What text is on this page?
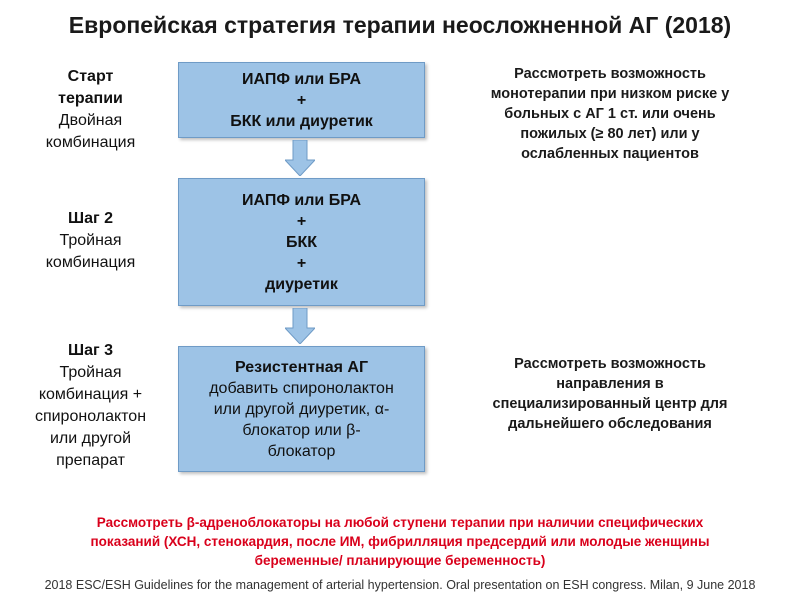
Европейская стратегия терапии неосложненной АГ (2018)
Старт
терапии
Двойная
комбинация
Шаг 2
Тройная
комбинация
Шаг 3
Тройная
комбинация +
спиронолактон
или другой
препарат
ИАПФ или БРА
+
БКК или диуретик
ИАПФ или БРА
+
БКК
+
диуретик
Резистентная АГ
добавить спиронолактон
или другой диуретик, α-
блокатор или β-
блокатор
Рассмотреть возможность
монотерапии при низком риске у
больных с АГ 1 ст. или очень
пожилых (≥ 80 лет) или у
ослабленных пациентов
Рассмотреть возможность
направления в
специализированный центр для
дальнейшего обследования
Рассмотреть β-адреноблокаторы на любой ступени терапии при наличии специфических
показаний (ХСН, стенокардия, после ИМ, фибрилляция предсердий или молодые женщины
беременные/ планирующие беременность)
2018 ESC/ESH Guidelines for the management of arterial hypertension. Oral presentation on ESH congress. Milan, 9 June 2018
